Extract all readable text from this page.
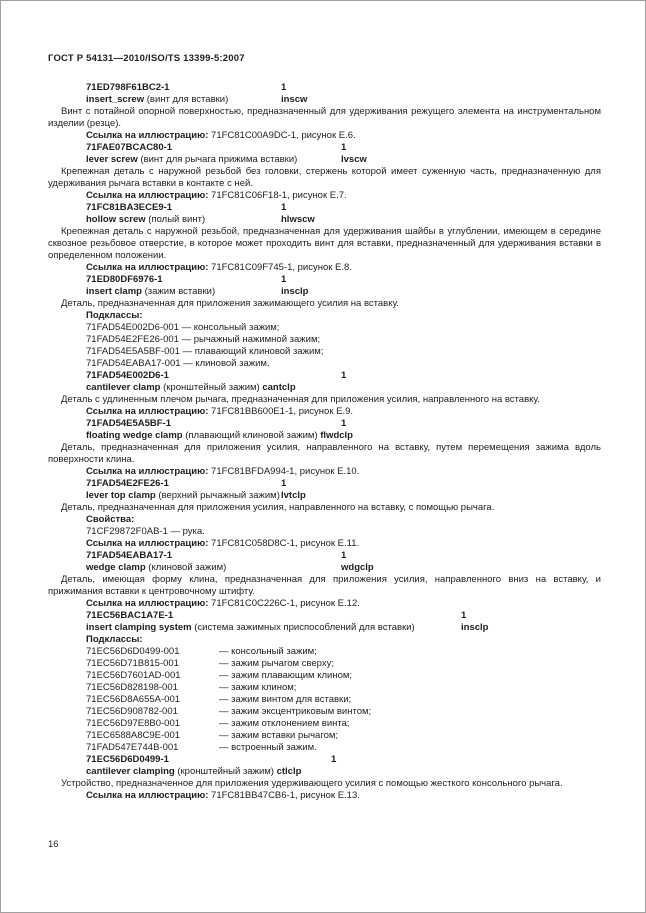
ГОСТ Р 54131—2010/ISO/TS 13399-5:2007
71ED798F61BC2-1	1
insert_screw (винт для вставки)	inscw
Винт с потайной опорной поверхностью, предназначенный для удерживания режущего элемента на инструментальном изделии (резце).
Ссылка на иллюстрацию: 71FC81C00A9DC-1, рисунок Е.6.
71FAE07BCAC80-1	1
lever screw (винт для рычага прижима вставки)	lvscw
Крепежная деталь с наружной резьбой без головки, стержень которой имеет суженную часть, предназначенную для удерживания рычага вставки в контакте с ней.
Ссылка на иллюстрацию: 71FC81C06F18-1, рисунок Е.7.
71FC81BA3ECE9-1	1
hollow screw (полый винт)	hlwscw
Крепежная деталь с наружной резьбой, предназначенная для удерживания шайбы в углублении, имеющем в середине сквозное резьбовое отверстие, в которое может проходить винт для вставки, предназначенный для удерживания вставки в определенном положении.
Ссылка на иллюстрацию: 71FC81C09F745-1, рисунок Е.8.
71ED80DF6976-1	1
insert clamp (зажим вставки)	insclp
Деталь, предназначенная для приложения зажимающего усилия на вставку.
Подклассы:
71FAD54E002D6-001 — консольный зажим;
71FAD54E2FE26-001 — рычажный нажимной зажим;
71FAD54E5A5BF-001 — плавающий клиновой зажим;
71FAD54EABA17-001 — клиновой зажим.
71FAD54E002D6-1	1
cantilever clamp (кронштейный зажим) cantclp
Деталь с удлиненным плечом рычага, предназначенная для приложения усилия, направленного на вставку.
Ссылка на иллюстрацию: 71FC81BB600E1-1, рисунок Е.9.
71FAD54E5A5BF-1	1
floating wedge clamp (плавающий клиновой зажим) flwdclp
Деталь, предназначенная для приложения усилия, направленного на вставку, путем перемещения зажима вдоль поверхности клина.
Ссылка на иллюстрацию: 71FC81BFDA994-1, рисунок Е.10.
71FAD54E2FE26-1	1
lever top clamp (верхний рычажный зажим) lvtclp
Деталь, предназначенная для приложения усилия, направленного на вставку, с помощью рычага.
Свойства:
71CF29872F0AB-1 — рука.
Ссылка на иллюстрацию: 71FC81C058D8C-1, рисунок Е.11.
71FAD54EABA17-1	1
wedge clamp (клиновой зажим)	wdgclp
Деталь, имеющая форму клина, предназначенная для приложения усилия, направленного вниз на вставку, и прижимания вставки к центровочному штифту.
Ссылка на иллюстрацию: 71FC81C0C226C-1, рисунок Е.12.
71EC56BAC1A7E-1	1
insert clamping system (система зажимных приспособлений для вставки)	insclp
Подклассы:
71EC56D6D0499-001	— консольный зажим;
71EC56D71B815-001	— зажим рычагом сверху;
71EC56D7601AD-001	— зажим плавающим клином;
71EC56D828198-001	— зажим клином;
71EC56D8A655A-001	— зажим винтом для вставки;
71EC56D908782-001	— зажим эксцентриковым винтом;
71EC56D97E8B0-001	— зажим отклонением винта;
71EC6588A8C9E-001	— зажим вставки рычагом;
71FAD547E744B-001	— встроенный зажим.
71EC56D6D0499-1	1
cantilever clamping (кронштейный зажим) ctlclp
Устройство, предназначенное для приложения удерживающего усилия с помощью жесткого консольного рычага.
Ссылка на иллюстрацию: 71FC81BB47CB6-1, рисунок Е.13.
16
